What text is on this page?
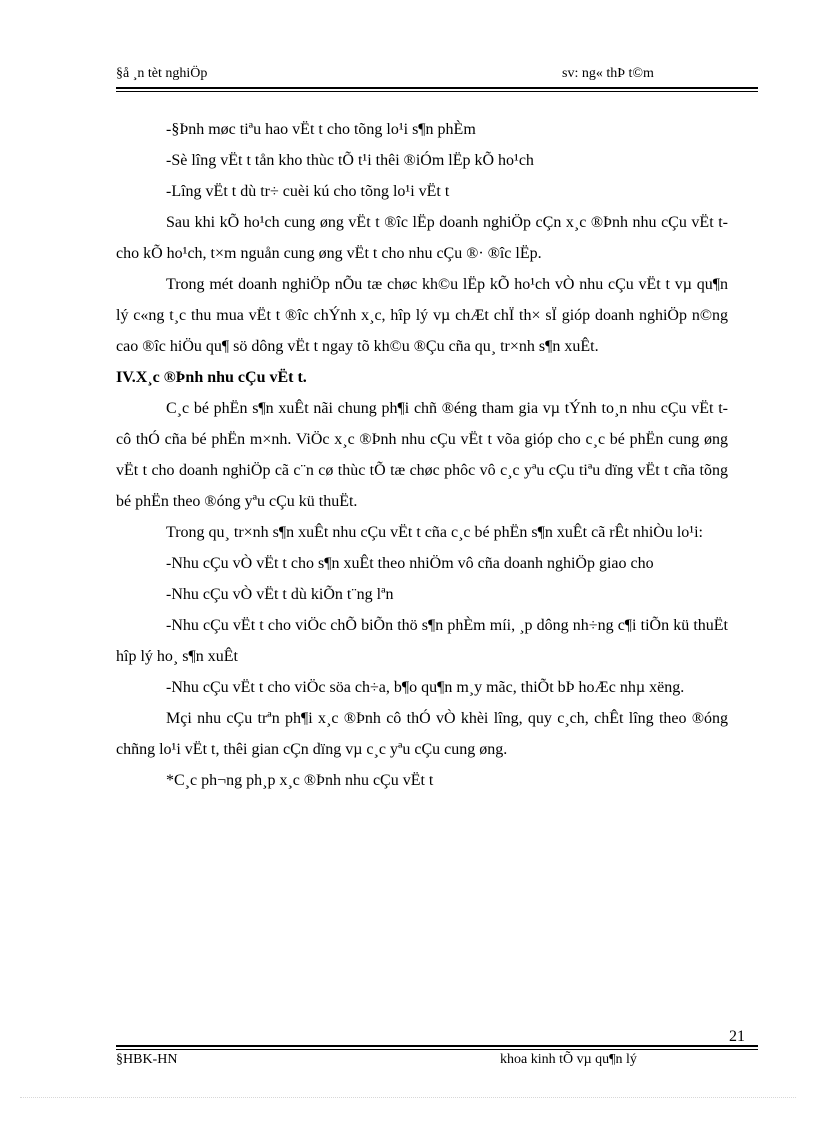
§å ¸n tèt nghiÖp	sv: ng« thÞ t©m

-§Þnh møc tiªu hao vËt t cho tõng lo¹i s¶n phÈm

-Sè lîng vËt t tån kho thùc tÕ t¹i thêi ®iÓm lËp kÕ ho¹ch

-Lîng vËt t dù tr÷ cuèi kú cho tõng lo¹i vËt t

Sau khi kÕ ho¹ch cung øng vËt t ®îc lËp doanh nghiÖp cÇn x¸c ®Þnh nhu cÇu vËt t cho kÕ ho¹ch, t×m nguån cung øng vËt t cho nhu cÇu ®· ®îc lËp.

Trong mét doanh nghiÖp nÕu tæ chøc kh©u lËp kÕ ho¹ch vÒ nhu cÇu vËt t vµ qu¶n lý c«ng t¸c thu mua vËt t ®îc chÝnh x¸c, hîp lý vµ chÆt chÏ th× sÏ gióp doanh nghiÖp n©ng cao ®îc hiÖu qu¶ sö dông vËt t ngay tõ kh©u ®Çu cña qu¸ tr×nh s¶n xuÊt.

IV.X¸c ®Þnh nhu cÇu vËt t.

C¸c bé phËn s¶n xuÊt nãi chung ph¶i chñ ®éng tham gia vµ tÝnh to¸n nhu cÇu vËt t cô thÓ cña bé phËn m×nh. ViÖc x¸c ®Þnh nhu cÇu vËt t võa gióp cho c¸c bé phËn cung øng vËt t cho doanh nghiÖp cã c¨n cø thùc tÕ tæ chøc phôc vô c¸c yªu cÇu tiªu dïng vËt t cña tõng bé phËn theo ®óng yªu cÇu kü thuËt.

Trong qu¸ tr×nh s¶n xuÊt nhu cÇu vËt t cña c¸c bé phËn s¶n xuÊt cã rÊt nhiÒu lo¹i:

-Nhu cÇu vÒ vËt t cho s¶n xuÊt theo nhiÖm vô cña doanh nghiÖp giao cho

-Nhu cÇu vÒ vËt t dù kiÕn t¨ng lªn

-Nhu cÇu vËt t cho viÖc chÕ biÕn thö s¶n phÈm míi, ¸p dông nh÷ng c¶i tiÕn kü thuËt hîp lý ho¸ s¶n xuÊt

-Nhu cÇu vËt t cho viÖc söa ch÷a, b¶o qu¶n m¸y mãc, thiÕt bÞ hoÆc nhµ xëng.

Mçi nhu cÇu trªn ph¶i x¸c ®Þnh cô thÓ vÒ khèi lîng, quy c¸ch, chÊt lîng theo ®óng chñng lo¹i vËt t, thêi gian cÇn dïng vµ c¸c yªu cÇu cung øng.

*C¸c ph¬ng ph¸p x¸c ®Þnh nhu cÇu vËt t

21
§HBK-HN	khoa kinh tÕ vµ qu¶n lý
